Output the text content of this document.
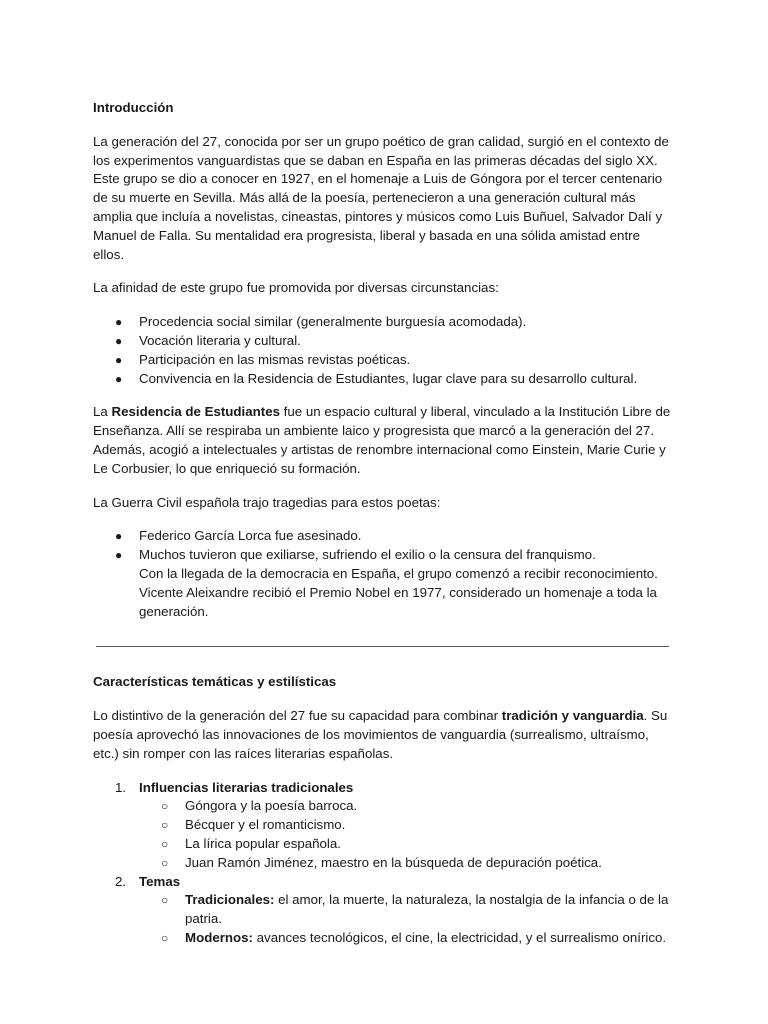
Introducción

La generación del 27, conocida por ser un grupo poético de gran calidad, surgió en el contexto de los experimentos vanguardistas que se daban en España en las primeras décadas del siglo XX. Este grupo se dio a conocer en 1927, en el homenaje a Luis de Góngora por el tercer centenario de su muerte en Sevilla. Más allá de la poesía, pertenecieron a una generación cultural más amplia que incluía a novelistas, cineastas, pintores y músicos como Luis Buñuel, Salvador Dalí y Manuel de Falla. Su mentalidad era progresista, liberal y basada en una sólida amistad entre ellos.

La afinidad de este grupo fue promovida por diversas circunstancias:

● Procedencia social similar (generalmente burguesía acomodada).
● Vocación literaria y cultural.
● Participación en las mismas revistas poéticas.
● Convivencia en la Residencia de Estudiantes, lugar clave para su desarrollo cultural.

La Residencia de Estudiantes fue un espacio cultural y liberal, vinculado a la Institución Libre de Enseñanza. Allí se respiraba un ambiente laico y progresista que marcó a la generación del 27. Además, acogió a intelectuales y artistas de renombre internacional como Einstein, Marie Curie y Le Corbusier, lo que enriqueció su formación.

La Guerra Civil española trajo tragedias para estos poetas:

● Federico García Lorca fue asesinado.
● Muchos tuvieron que exiliarse, sufriendo el exilio o la censura del franquismo.
Con la llegada de la democracia en España, el grupo comenzó a recibir reconocimiento.
Vicente Aleixandre recibió el Premio Nobel en 1977, considerado un homenaje a toda la generación.

Características temáticas y estilísticas

Lo distintivo de la generación del 27 fue su capacidad para combinar tradición y vanguardia. Su poesía aprovechó las innovaciones de los movimientos de vanguardia (surrealismo, ultraísmo, etc.) sin romper con las raíces literarias españolas.

1. Influencias literarias tradicionales
○ Góngora y la poesía barroca.
○ Bécquer y el romanticismo.
○ La lírica popular española.
○ Juan Ramón Jiménez, maestro en la búsqueda de depuración poética.
2. Temas
○ Tradicionales: el amor, la muerte, la naturaleza, la nostalgia de la infancia o de la patria.
○ Modernos: avances tecnológicos, el cine, la electricidad, y el surrealismo onírico.
